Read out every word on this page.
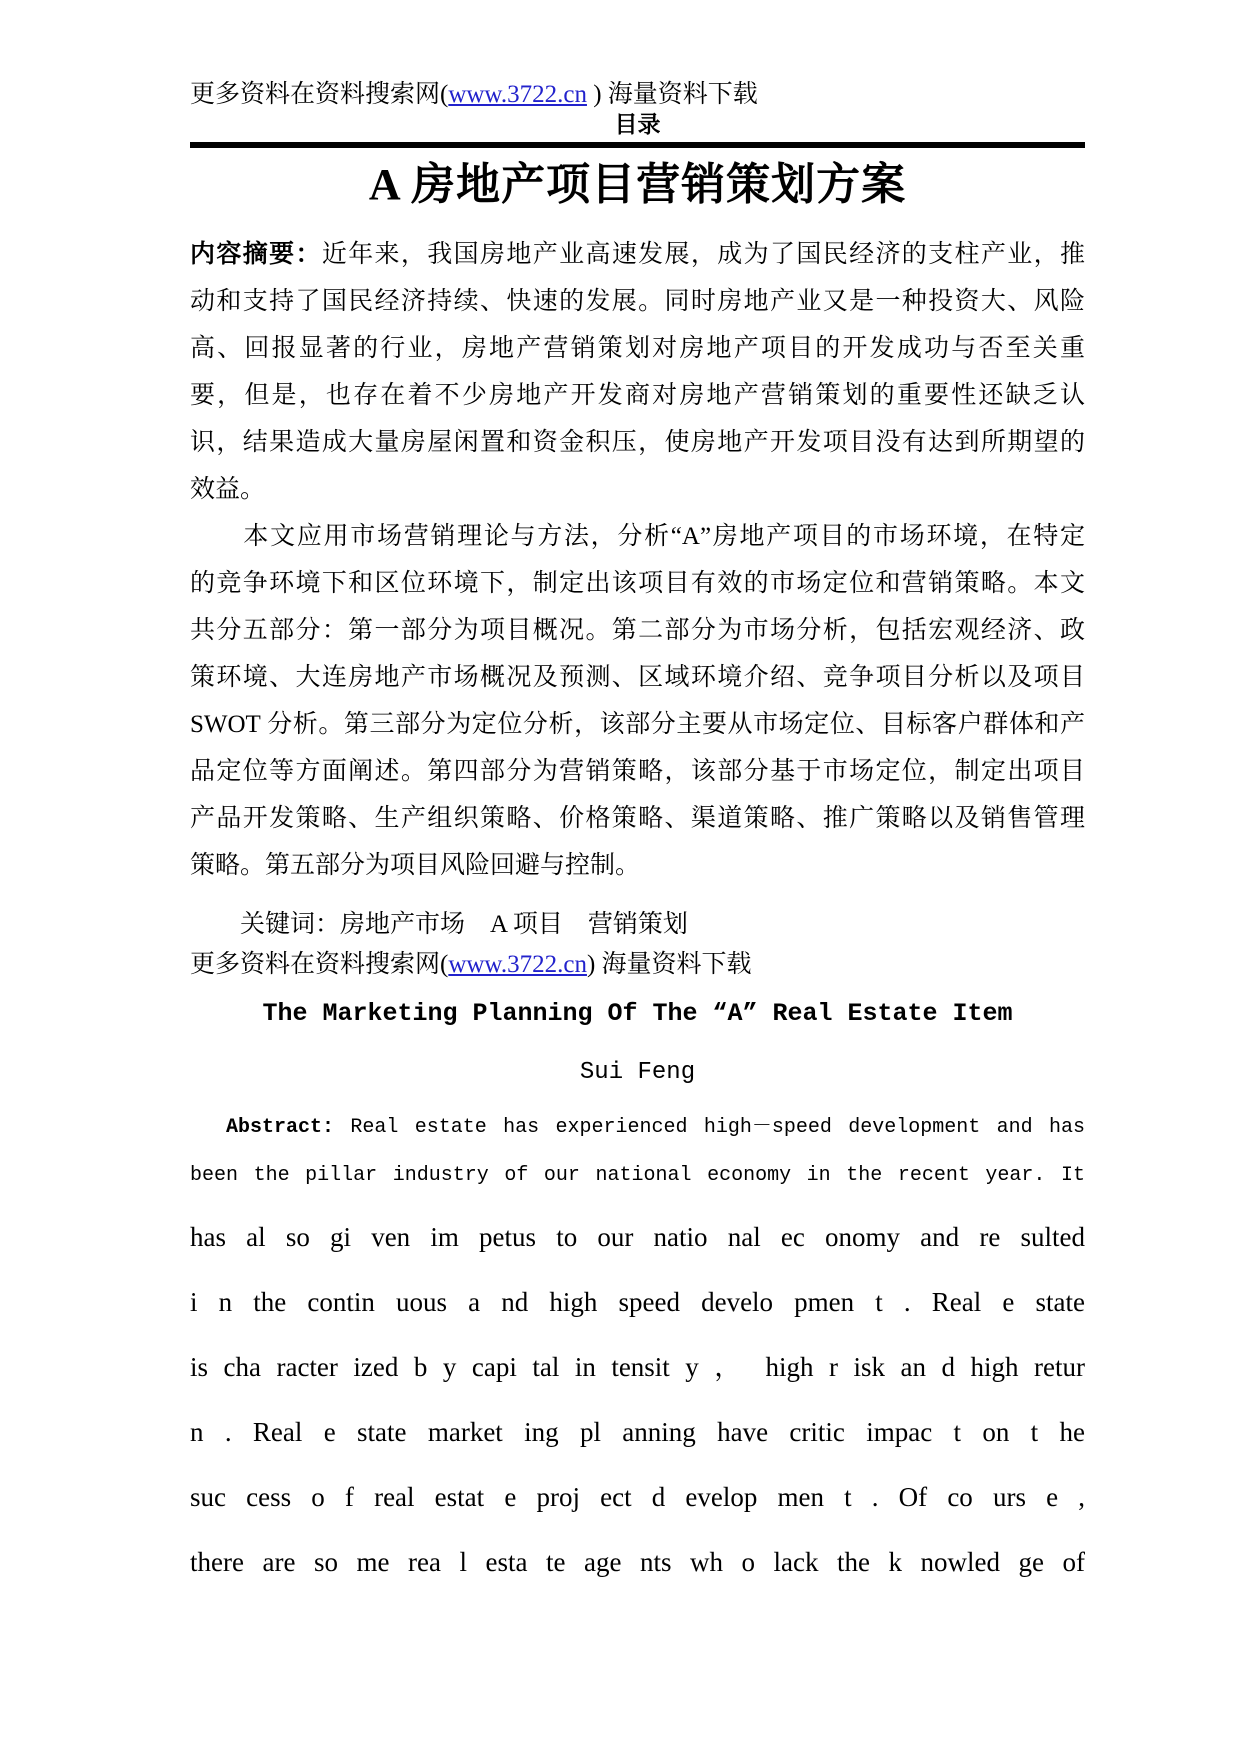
更多资料在资料搜索网(www.3722.cn ) 海量资料下载
目录
A 房地产项目营销策划方案
内容摘要：近年来，我国房地产业高速发展，成为了国民经济的支柱产业，推
动和支持了国民经济持续、快速的发展。同时房地产业又是一种投资大、风险
高、回报显著的行业，房地产营销策划对房地产项目的开发成功与否至关重
要，但是，也存在着不少房地产开发商对房地产营销策划的重要性还缺乏认
识，结果造成大量房屋闲置和资金积压，使房地产开发项目没有达到所期望的
效益。
　　本文应用市场营销理论与方法，分析“A”房地产项目的市场环境，在特定
的竞争环境下和区位环境下，制定出该项目有效的市场定位和营销策略。本文
共分五部分：第一部分为项目概况。第二部分为市场分析，包括宏观经济、政
策环境、大连房地产市场概况及预测、区域环境介绍、竞争项目分析以及项目
SWOT 分析。第三部分为定位分析，该部分主要从市场定位、目标客户群体和产
品定位等方面阐述。第四部分为营销策略，该部分基于市场定位，制定出项目
产品开发策略、生产组织策略、价格策略、渠道策略、推广策略以及销售管理
策略。第五部分为项目风险回避与控制。
　　关键词：房地产市场　A 项目　营销策划
更多资料在资料搜索网(www.3722.cn) 海量资料下载
The Marketing Planning Of The “A” Real Estate Item
Sui Feng
Abstract: Real estate has experienced high－speed development and has
been the pillar industry of our national economy in the recent year. It
has al so gi ven im petus to our natio nal ec onomy and re sulted
i n the contin uous a nd high speed develo pmen t . Real e state
is cha racter ized b y capi tal in tensit y ， high r isk an d high retur
n . Real e state market ing pl anning have critic impac t on t he
suc cess o f real estat e proj ect d evelop men t . Of co urs e ,
there are so me rea l esta te age nts wh o lack the k nowled ge of
